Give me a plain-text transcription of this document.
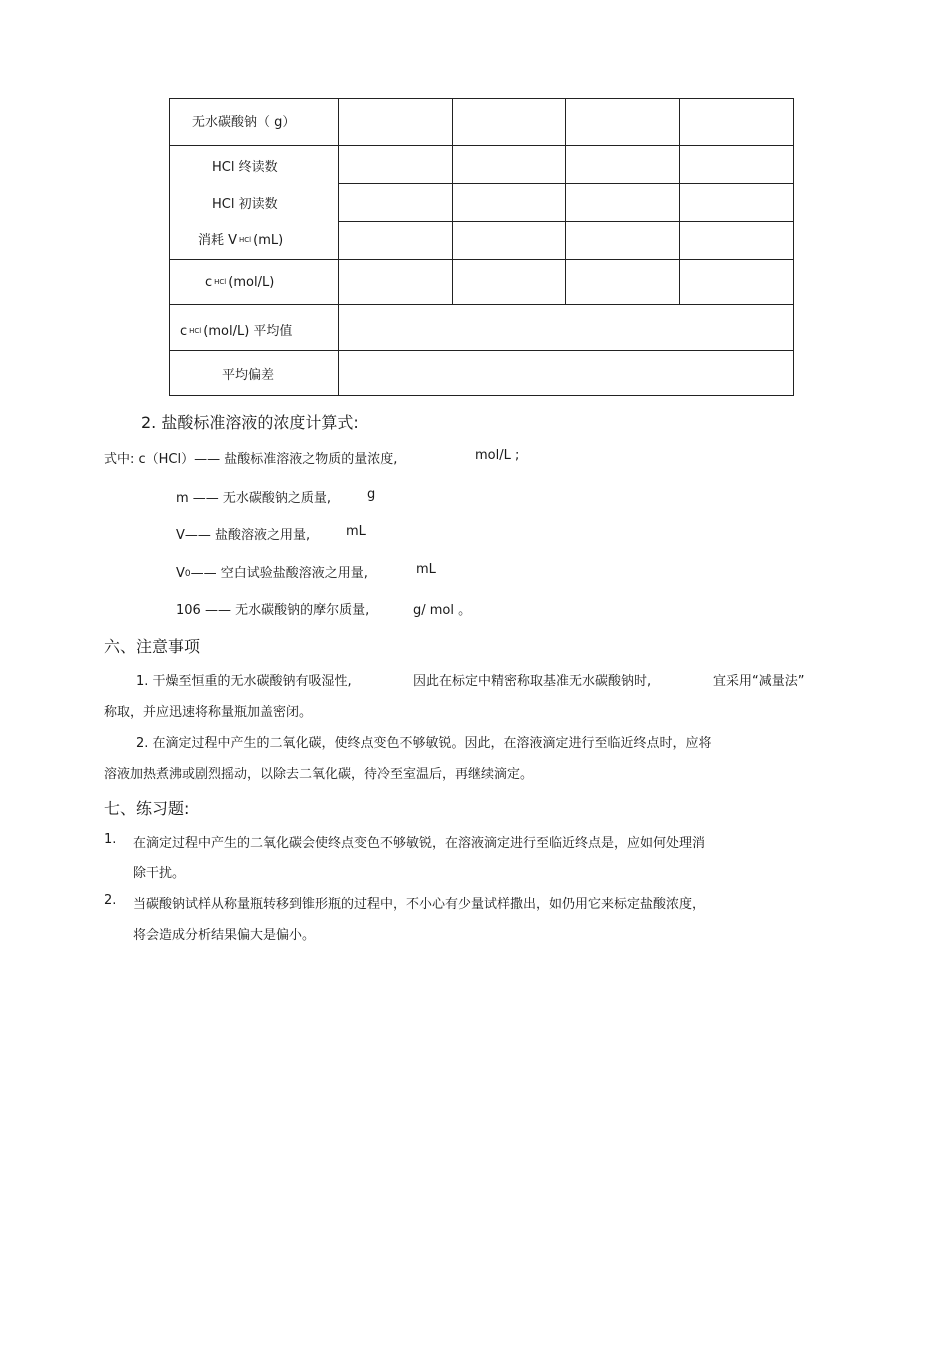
无水碳酸钠（ g）
HCl 终读数
HCl 初读数
消耗 V HCl (mL)
c HCl (mol/L)
c HCl (mol/L) 平均值
平均偏差
2. 盐酸标准溶液的浓度计算式:
式中: c（HCl）—— 盐酸标准溶液之物质的量浓度,	mol/L ;
m —— 无水碳酸钠之质量,	g
V—— 盐酸溶液之用量,	mL
V0—— 空白试验盐酸溶液之用量,	mL
106 —— 无水碳酸钠的摩尔质量,	g/ mol 。
六、注意事项
1. 干燥至恒重的无水碳酸钠有吸湿性,	因此在标定中精密称取基准无水碳酸钠时,	宜采用“减量法”
称取，并应迅速将称量瓶加盖密闭。
2. 在滴定过程中产生的二氧化碳，使终点变色不够敏锐。因此，在溶液滴定进行至临近终点时，应将
溶液加热煮沸或剧烈摇动，以除去二氧化碳，待冷至室温后，再继续滴定。
七、练习题:
1. 在滴定过程中产生的二氧化碳会使终点变色不够敏锐，在溶液滴定进行至临近终点是，应如何处理消
除干扰。
2. 当碳酸钠试样从称量瓶转移到锥形瓶的过程中，不小心有少量试样撒出，如仍用它来标定盐酸浓度，
将会造成分析结果偏大是偏小。
